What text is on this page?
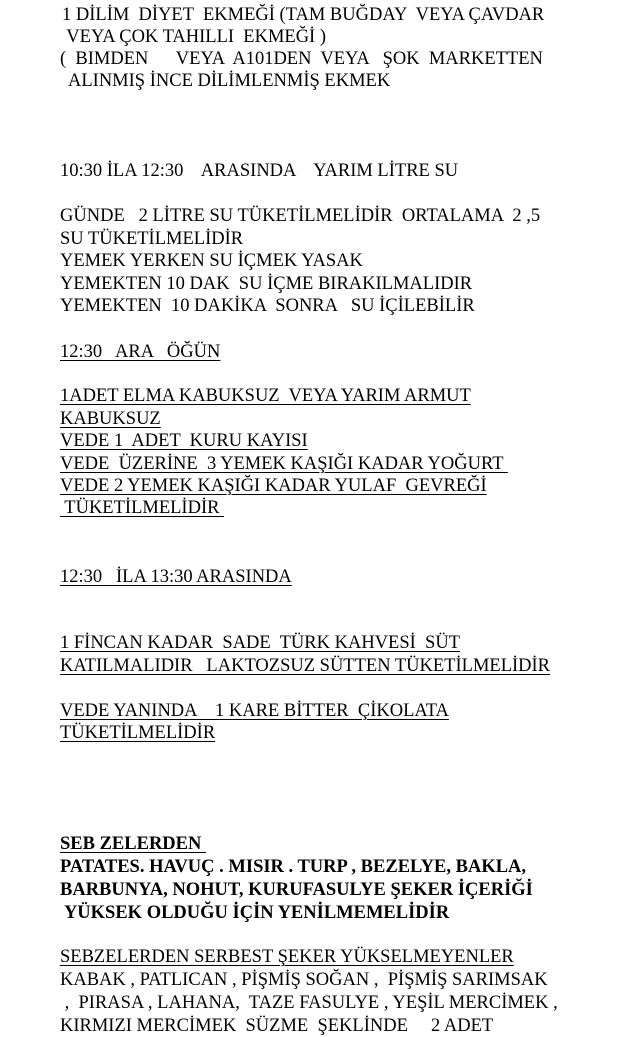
1 DİLİM  DİYET  EKMEĞİ (TAM BUĞDAY  VEYA ÇAVDAR
VEYA ÇOK TAHILLI  EKMEĞİ )
(  BIMDEN      VEYA  A101DEN  VEYA   ŞOK  MARKETTEN
ALINMIŞ İNCE DİLİMLENMİŞ EKMEK
10:30 İLA 12:30    ARASINDA    YARIM LİTRE SU
GÜNDE   2 LİTRE SU TÜKETİLMELİDİR  ORTALAMA  2 ,5
SU TÜKETİLMELİDİR
YEMEK YERKEN SU İÇMEK YASAK
YEMEKTEN 10 DAK  SU İÇME BIRAKILMALIDIR
YEMEKTEN  10 DAKİKA  SONRA   SU İÇİLEBİLİR
12:30   ARA   ÖĞÜN
1ADET ELMA KABUKSUZ  VEYA YARIM ARMUT
KABUKSUZ
VEDE 1  ADET  KURU KAYISI
VEDE  ÜZERİNE  3 YEMEK KAŞIĞI KADAR YOĞURT
VEDE 2 YEMEK KAŞIĞI KADAR YULAF  GEVREĞİ
TÜKETİLMELİDİR
12:30   İLA 13:30 ARASINDA
1 FİNCAN KADAR  SADE  TÜRK KAHVESİ  SÜT
KATILMALIDIR   LAKTOZSUZ SÜTTEN TÜKETİLMELİDİR
VEDE YANINDA    1 KARE BİTTER  ÇİKOLATA
TÜKETİLMELİDİR
SEB ZELERDEN
PATATES. HAVUÇ . MISIR . TURP , BEZELYE, BAKLA,
BARBUNYA, NOHUT, KURUFASULYE ŞEKER İÇERİĞİ
YÜKSEK OLDUĞU İÇİN YENİLMEMELİDİR
SEBZELERDEN SERBEST ŞEKER YÜKSELMEYENLER
KABAK , PATLICAN , PİŞMİŞ SOĞAN ,  PİŞMİŞ SARIMSAK
,  PIRASA , LAHANA,  TAZE FASULYE , YEŞİL MERCİMEK ,
KIRMIZI MERCİMEK  SÜZME  ŞEKLİNDE     2 ADET
